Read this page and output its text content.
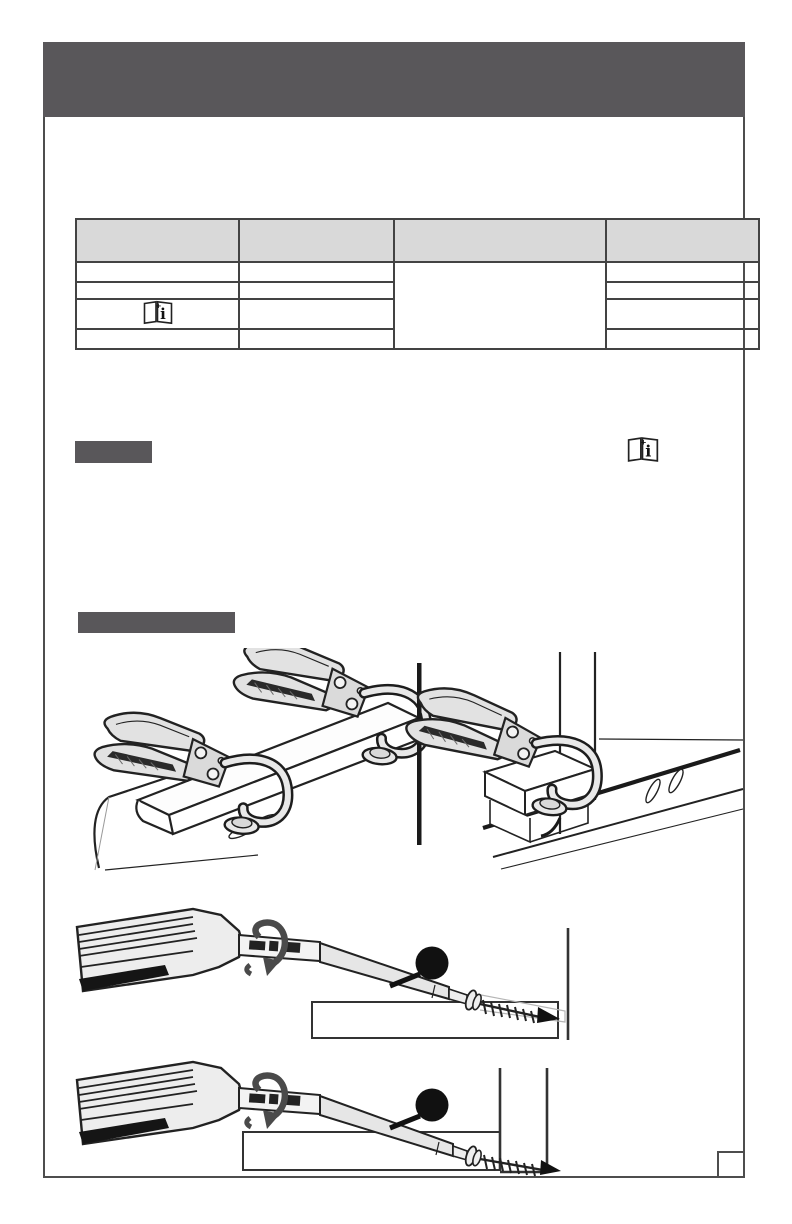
i
+			

i
+
